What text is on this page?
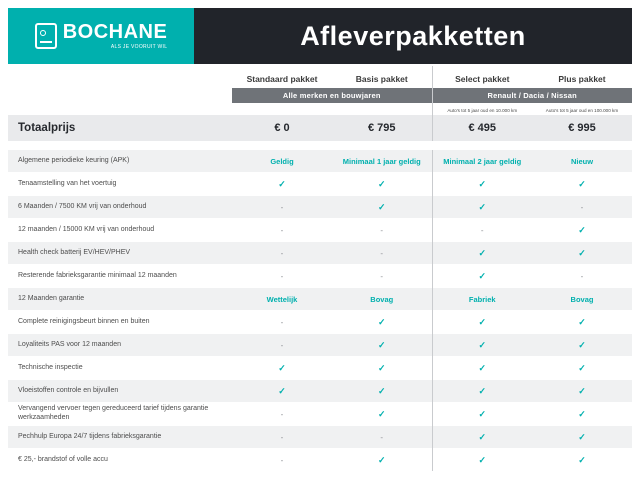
BOCHANE
ALS JE VOORUIT WIL	Afleverpakketten
	Standaard pakket	Basis pakket	Select pakket	Plus pakket
	Alle merken en bouwjaren		Renault / Dacia / Nissan	
			Auto's tot 5 jaar oud en 10.000 km	Auto's tot 5 jaar oud en 100.000 km
Totaalprijs	€ 0	€ 795	€ 495	€ 995

Algemene periodieke keuring (APK)	Geldig	Minimaal 1 jaar geldig	Minimaal 2 jaar geldig	Nieuw
Tenaamstelling van het voertuig	✓	✓	✓	✓
6 Maanden / 7500 KM vrij van onderhoud	-	✓	✓	-
12 maanden / 15000 KM vrij van onderhoud	-	-	-	✓
Health check batterij EV/HEV/PHEV	-	-	✓	✓
Resterende fabrieksgarantie minimaal 12 maanden	-	-	✓	-
12 Maanden garantie	Wettelijk	Bovag	Fabriek	Bovag
Complete reinigingsbeurt binnen en buiten	-	✓	✓	✓
Loyaliteits PAS voor 12 maanden	-	✓	✓	✓
Technische inspectie	✓	✓	✓	✓
Vloeistoffen controle en bijvullen	✓	✓	✓	✓
Vervangend vervoer tegen gereduceerd tarief tijdens garantie werkzaamheden	-	✓	✓	✓
Pechhulp Europa 24/7 tijdens fabrieksgarantie	-	-	✓	✓
€ 25,- brandstof of volle accu	-	✓	✓	✓
